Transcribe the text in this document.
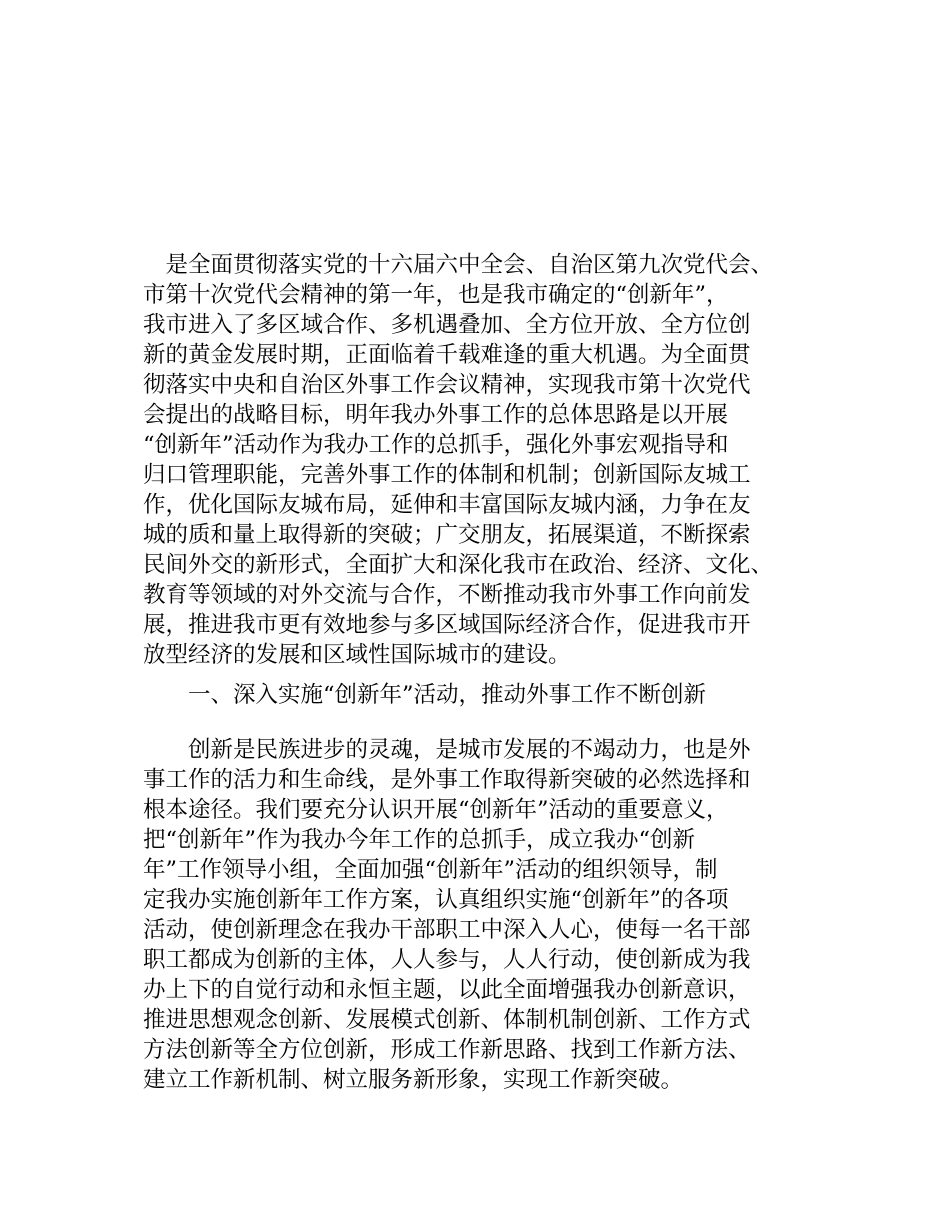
　是全面贯彻落实党的十六届六中全会、自治区第九次党代会、
市第十次党代会精神的第一年，也是我市确定的“创新年”，
我市进入了多区域合作、多机遇叠加、全方位开放、全方位创
新的黄金发展时期，正面临着千载难逢的重大机遇。为全面贯
彻落实中央和自治区外事工作会议精神，实现我市第十次党代
会提出的战略目标，明年我办外事工作的总体思路是以开展
“创新年”活动作为我办工作的总抓手，强化外事宏观指导和
归口管理职能，完善外事工作的体制和机制；创新国际友城工
作，优化国际友城布局，延伸和丰富国际友城内涵，力争在友
城的质和量上取得新的突破；广交朋友，拓展渠道，不断探索
民间外交的新形式，全面扩大和深化我市在政治、经济、文化、
教育等领域的对外交流与合作，不断推动我市外事工作向前发
展，推进我市更有效地参与多区域国际经济合作，促进我市开
放型经济的发展和区域性国际城市的建设。
　　一、深入实施“创新年”活动，推动外事工作不断创新
　　创新是民族进步的灵魂，是城市发展的不竭动力，也是外
事工作的活力和生命线，是外事工作取得新突破的必然选择和
根本途径。我们要充分认识开展“创新年”活动的重要意义，
把“创新年”作为我办今年工作的总抓手，成立我办“创新
年”工作领导小组，全面加强“创新年”活动的组织领导，制
定我办实施创新年工作方案，认真组织实施“创新年”的各项
活动，使创新理念在我办干部职工中深入人心，使每一名干部
职工都成为创新的主体，人人参与，人人行动，使创新成为我
办上下的自觉行动和永恒主题，以此全面增强我办创新意识，
推进思想观念创新、发展模式创新、体制机制创新、工作方式
方法创新等全方位创新，形成工作新思路、找到工作新方法、
建立工作新机制、树立服务新形象，实现工作新突破。
